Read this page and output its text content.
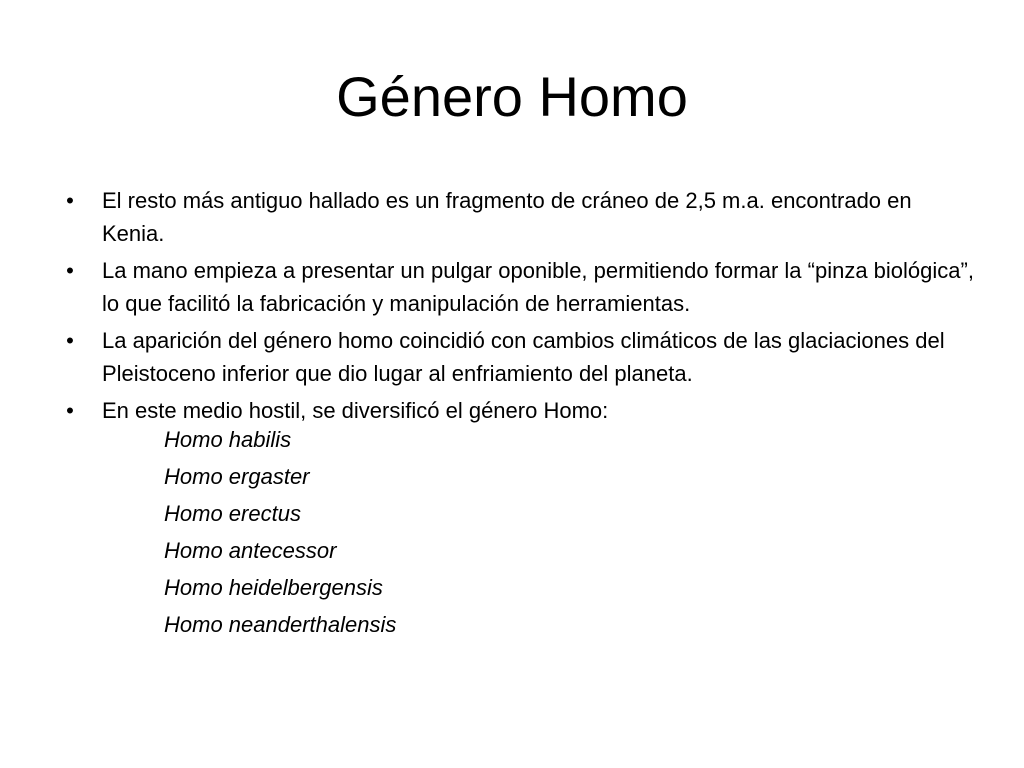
Género Homo
• El resto más antiguo hallado es un fragmento de cráneo de 2,5 m.a. encontrado en Kenia.
• La mano empieza a presentar un pulgar oponible, permitiendo formar la “pinza biológica”, lo que facilitó la fabricación y manipulación de herramientas.
• La aparición del género homo coincidió con cambios climáticos de las glaciaciones del Pleistoceno inferior que dio lugar al enfriamiento del planeta.
• En este medio hostil, se diversificó el género Homo:
Homo habilis
Homo ergaster
Homo erectus
Homo antecessor
Homo heidelbergensis
Homo neanderthalensis
